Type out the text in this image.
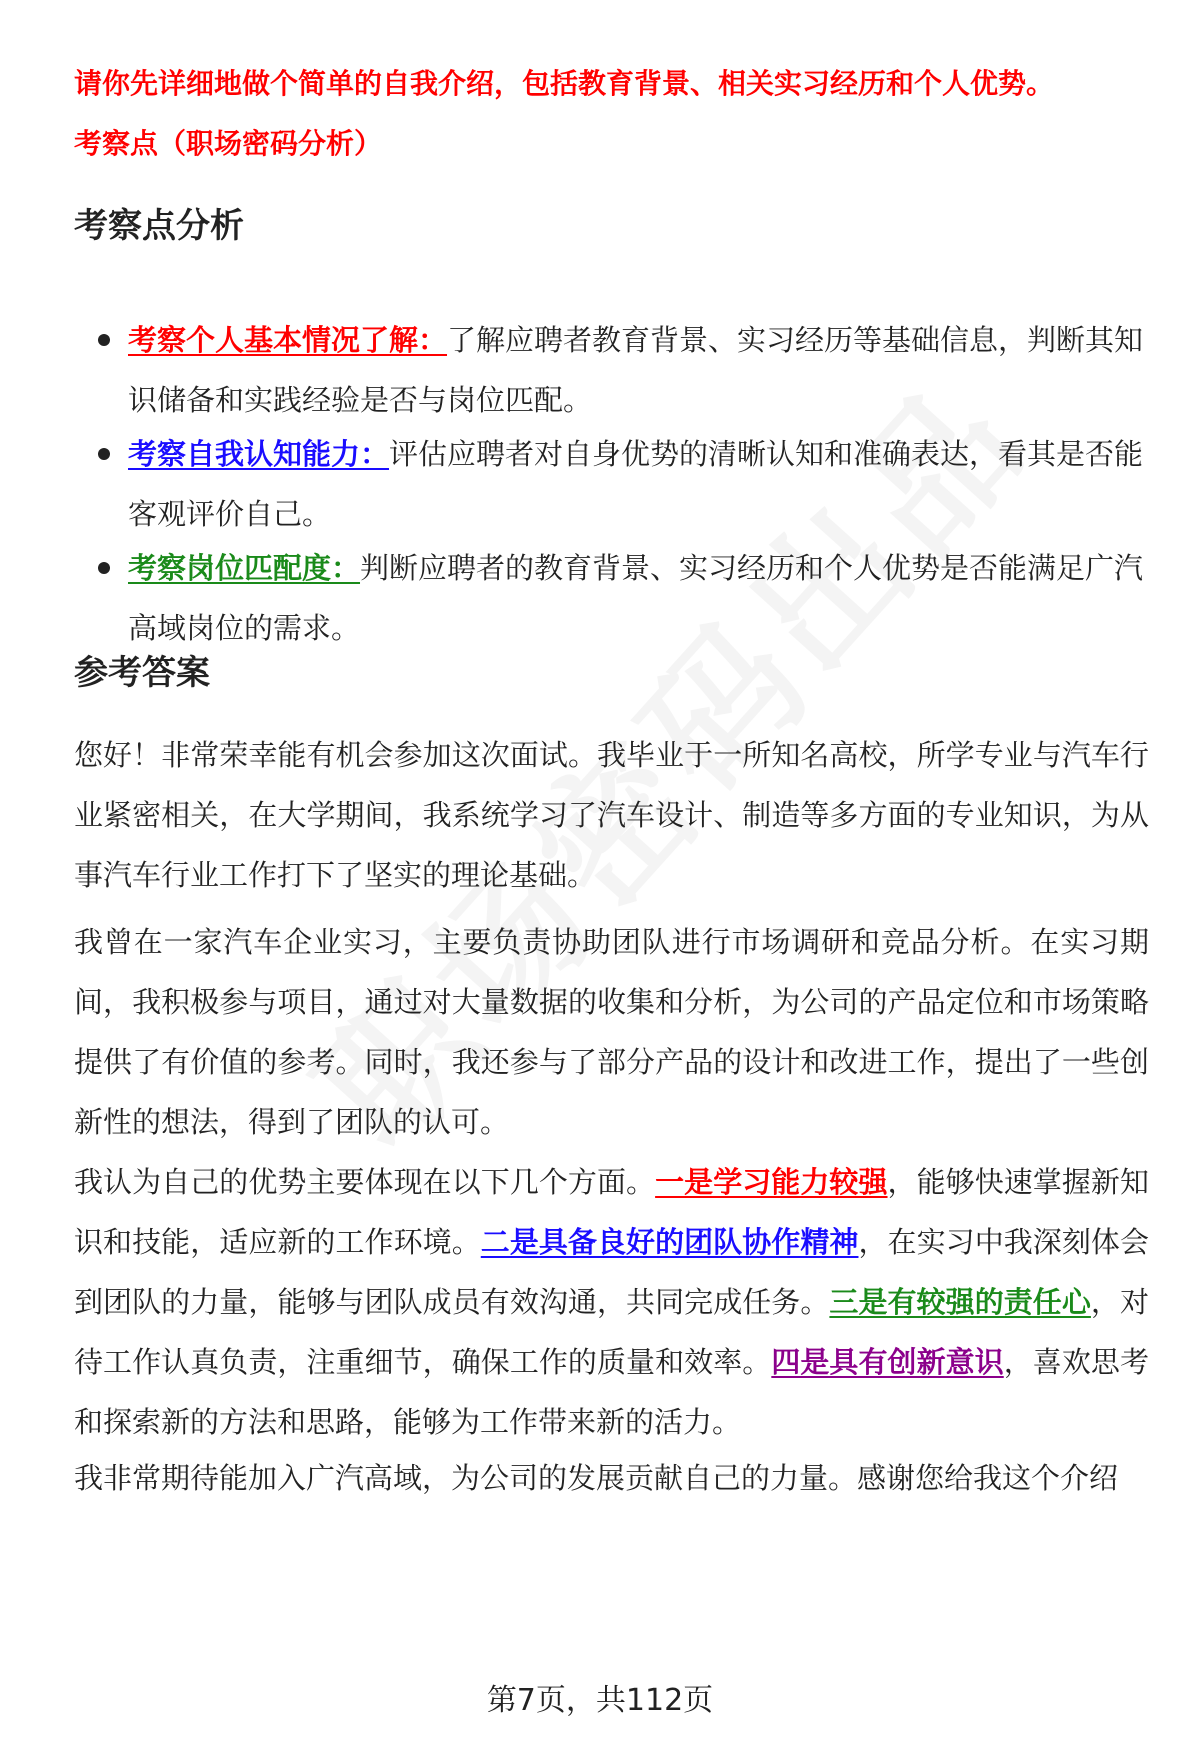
请你先详细地做个简单的自我介绍，包括教育背景、相关实习经历和个人优势。
考察点（职场密码分析）
考察点分析
考察个人基本情况了解：了解应聘者教育背景、实习经历等基础信息，判断其知识储备和实践经验是否与岗位匹配。
考察自我认知能力：评估应聘者对自身优势的清晰认知和准确表达，看其是否能客观评价自己。
考察岗位匹配度：判断应聘者的教育背景、实习经历和个人优势是否能满足广汽高域岗位的需求。
参考答案
您好！非常荣幸能有机会参加这次面试。我毕业于一所知名高校，所学专业与汽车行业紧密相关，在大学期间，我系统学习了汽车设计、制造等多方面的专业知识，为从事汽车行业工作打下了坚实的理论基础。
我曾在一家汽车企业实习，主要负责协助团队进行市场调研和竞品分析。在实习期间，我积极参与项目，通过对大量数据的收集和分析，为公司的产品定位和市场策略提供了有价值的参考。同时，我还参与了部分产品的设计和改进工作，提出了一些创新性的想法，得到了团队的认可。
我认为自己的优势主要体现在以下几个方面。一是学习能力较强，能够快速掌握新知识和技能，适应新的工作环境。二是具备良好的团队协作精神，在实习中我深刻体会到团队的力量，能够与团队成员有效沟通，共同完成任务。三是有较强的责任心，对待工作认真负责，注重细节，确保工作的质量和效率。四是具有创新意识，喜欢思考和探索新的方法和思路，能够为工作带来新的活力。
我非常期待能加入广汽高域，为公司的发展贡献自己的力量。感谢您给我这个介绍
第7页，共112页
